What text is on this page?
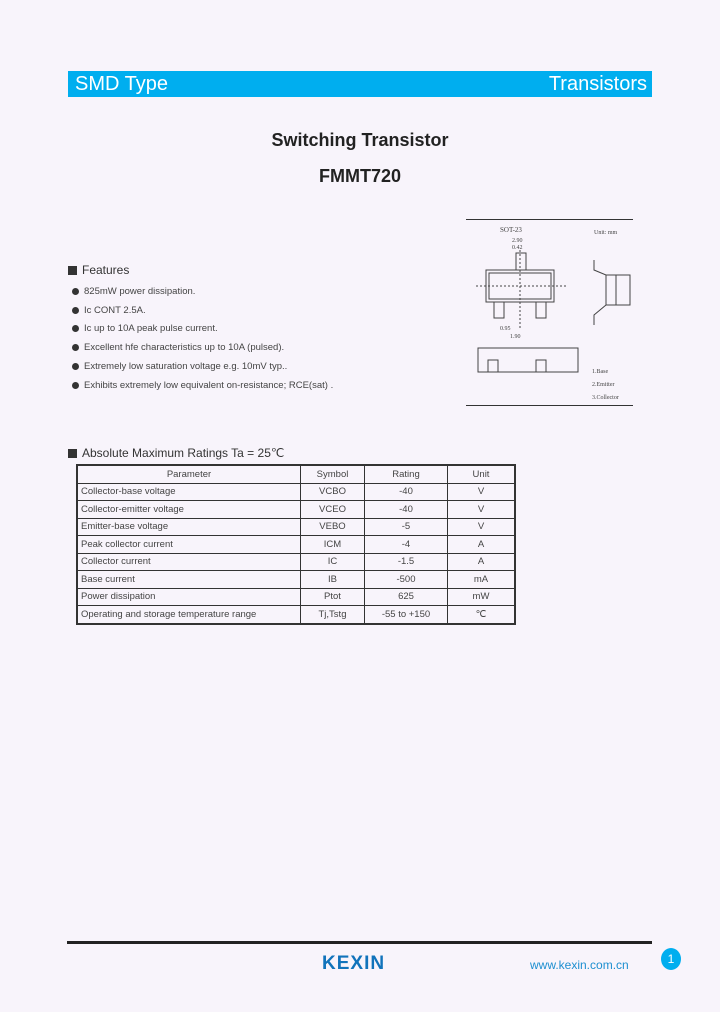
SMD Type	Transistors
Switching Transistor
FMMT720
Features
825mW power dissipation.
Ic CONT 2.5A.
Ic up to 10A peak pulse current.
Excellent hfe characteristics up to 10A (pulsed).
Extremely low saturation voltage e.g. 10mV typ..
Exhibits extremely low equivalent on-resistance; RCE(sat) .
SOT-23	Unit: mm
2.90
0.42
0.95
1.90
1.Base
2.Emitter
3.Collector
Absolute Maximum Ratings Ta = 25℃
Parameter	Symbol	Rating	Unit
Collector-base voltage	VCBO	-40	V
Collector-emitter voltage	VCEO	-40	V
Emitter-base voltage	VEBO	-5	V
Peak collector current	ICM	-4	A
Collector current	IC	-1.5	A
Base current	IB	-500	mA
Power dissipation	Ptot	625	mW
Operating and storage temperature range	Tj,Tstg	-55 to +150	℃
KEXIN	www.kexin.com.cn	1
